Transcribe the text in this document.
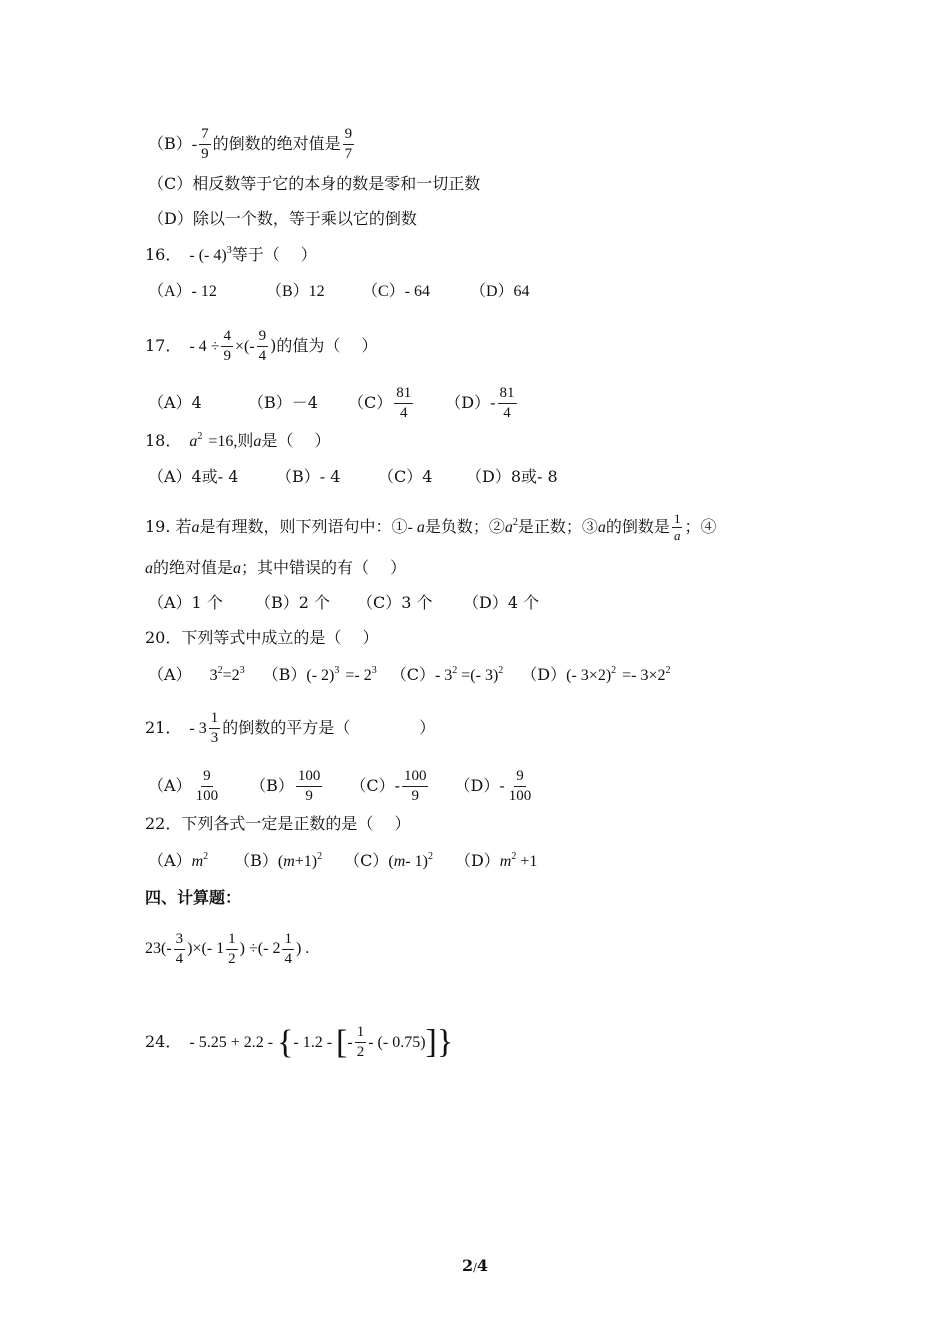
$(B)- \frac{7}{9}$ 的倒数的绝对值是 $\frac{9}{7}$
（C）相反数等于它的本身的数是零和一切正数
（D）除以一个数，等于乘以它的倒数
16． - (- 4)$^3$等于（　 ）
（A）- 12	（B）12 （C）- 64 （D）64
17． - $4 \div \frac{4}{9}$ ×(- $\frac{9}{4}$ )的值为（　 ）
（A）4	（B）－4 $(C) \frac{81}{4} (D)- \frac{81}{4}$
18． $a^2 =16$,则a是（　 ）
（A）4或- 4 （B）- 4 （C）4 （D）8或- 8
19. 若a是有理数，则下列语句中：①- a是负数；$②a^2$是正数；③a的倒数是 $\frac{1}{a}$ ；④
a的绝对值是a；其中错误的有（　 ）
（A）1 个 （B）2 个 （C）3 个 （D）4 个
20．下列等式中成立的是（　 ）
（A） $3^2=2^3$ （B）(- $2)^3 =- 2^3$ （C）- $3^2$ =(- 3)$^2$ （D）(- $3\times 2)^2 =- 3\times 2^2$
21． - $3 \frac{1}{3}$ 的倒数的平方是（　　　　 ）
$(A) \frac{9}{100} (B) \frac{100}{9} (C)- \frac{100}{9} (D)- \frac{9}{100}$
22．下列各式一定是正数的是（　 ）
$(A)m^2$ $(B)(m+1)^2$ （C）(m- 1)$^2$ $(D)m^2 +1$
四、计算题：
$23(- \frac{3}{4}$ )×(- $1 \frac{1}{2}$ ) ÷(- $2 \frac{1}{4}$ ) .
24． - 5.25 + 2.2 - {- 1.2 - [- $\frac{1}{2}$ - (- 0.75)]}
2/4
